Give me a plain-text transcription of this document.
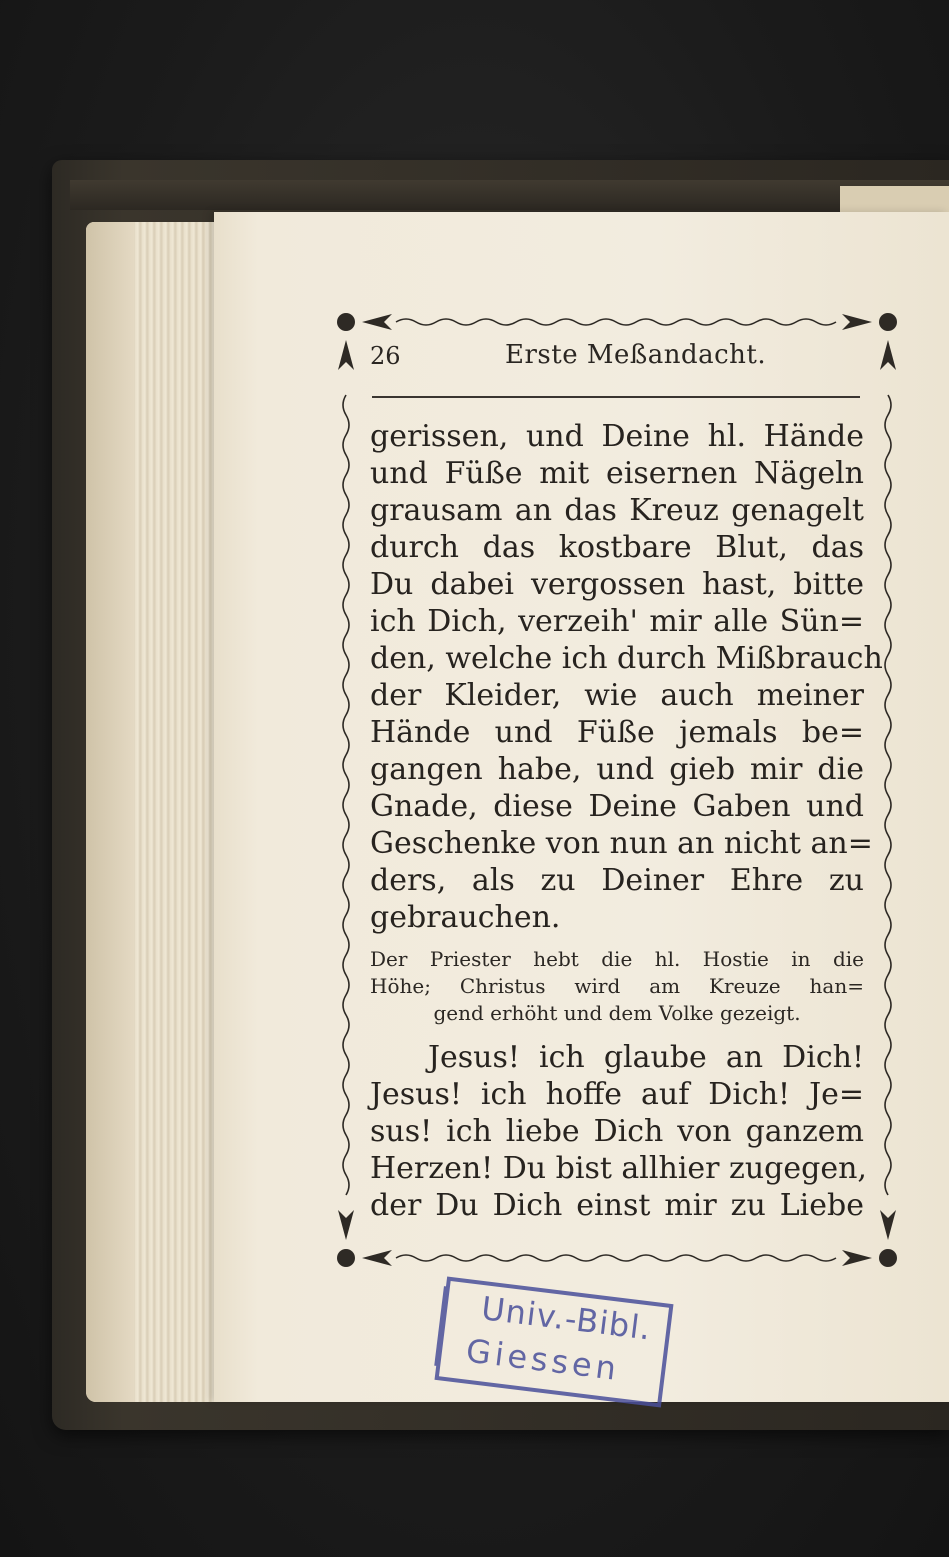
26	Erste Meßandacht.
gerissen, und Deine hl. Hände
und Füße mit eisernen Nägeln
grausam an das Kreuz genagelt
durch das kostbare Blut, das
Du dabei vergossen hast, bitte
ich Dich, verzeih' mir alle Sün=
den, welche ich durch Mißbrauch
der Kleider, wie auch meiner
Hände und Füße jemals be=
gangen habe, und gieb mir die
Gnade, diese Deine Gaben und
Geschenke von nun an nicht an=
ders, als zu Deiner Ehre zu
gebrauchen.
Der Priester hebt die hl. Hostie in die
Höhe; Christus wird am Kreuze han=
gend erhöht und dem Volke gezeigt.
Jesus! ich glaube an Dich!
Jesus! ich hoffe auf Dich! Je=
sus! ich liebe Dich von ganzem
Herzen! Du bist allhier zugegen,
der Du Dich einst mir zu Liebe
Univ.-Bibl.
Giessen
